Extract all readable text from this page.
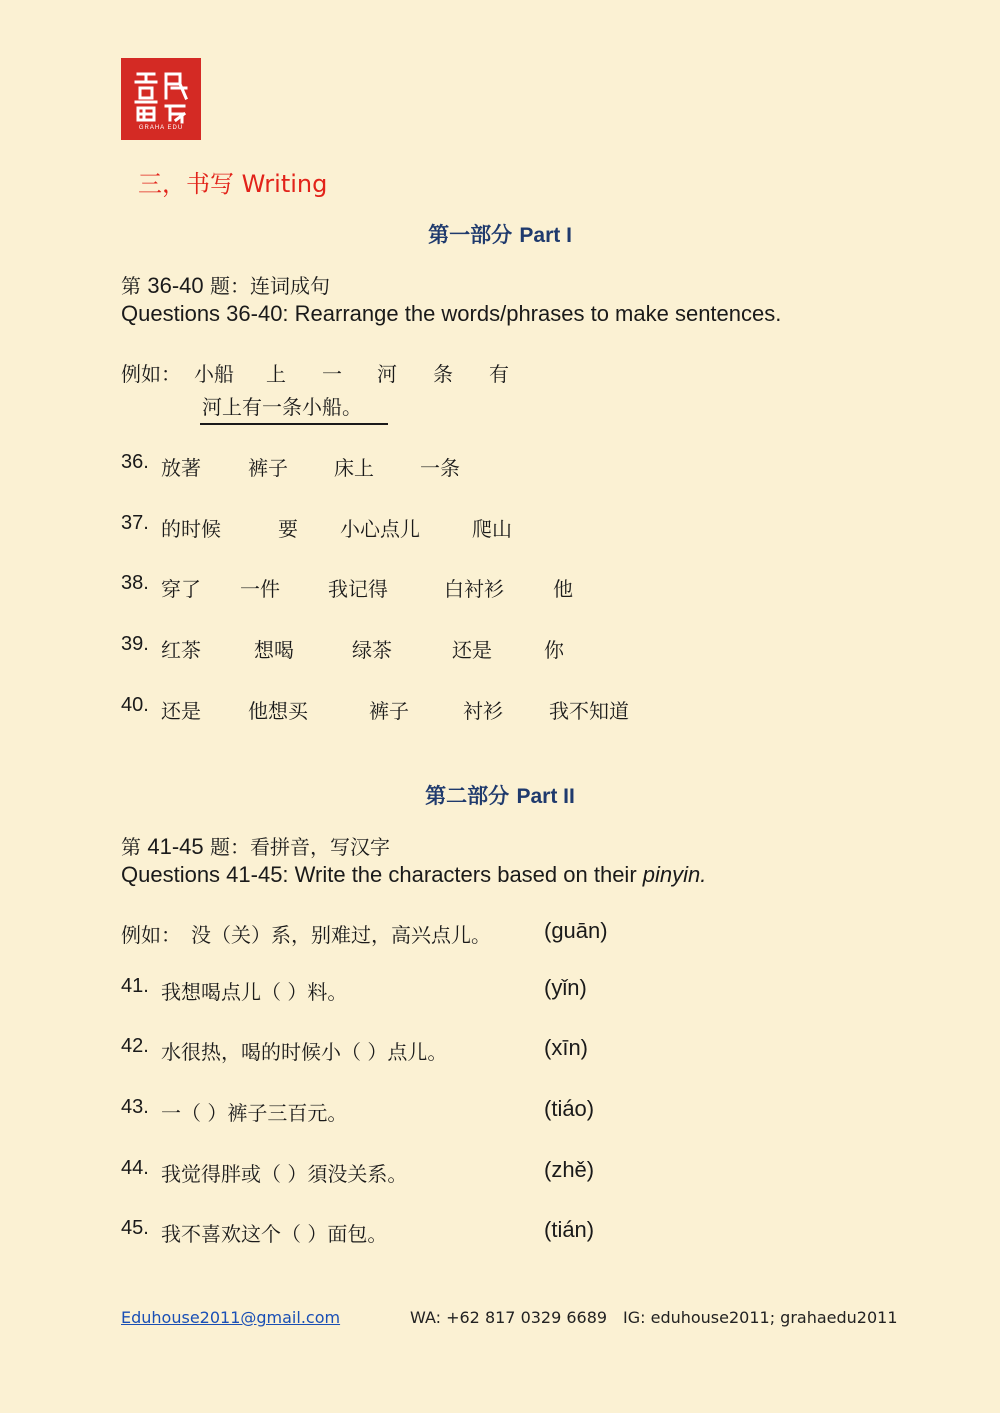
GRAHA EDU
三，书写 Writing
第一部分 Part I
第 36-40 题：连词成句
Questions 36-40: Rearrange the words/phrases to make sentences.
例如： 小船 上 一 河 条 有
河上有一条小船。
36. 放著 裤子 床上 一条
37. 的时候	要 小心点儿	爬山
38. 穿了 一件 我记得	白衬衫 他
39. 红茶	想喝	绿茶	还是	你
40. 还是 他想买	裤子	衬衫 我不知道
第二部分 Part II
第 41-45 题：看拼音，写汉字
Questions 41-45: Write the characters based on their pinyin.
例如： 没（关）系，别难过，高兴点儿。 (guān)
41. 我想喝点儿（ ）料。	(yǐn)
42. 水很热，喝的时候小（ ）点儿。	(xīn)
43. 一（ ）裤子三百元。	(tiáo)
44. 我觉得胖或（ ）須没关系。	(zhě)
45. 我不喜欢这个（ ）面包。	(tián)
Eduhouse2011@gmail.com	WA: +62 817 0329 6689 IG: eduhouse2011; grahaedu2011
